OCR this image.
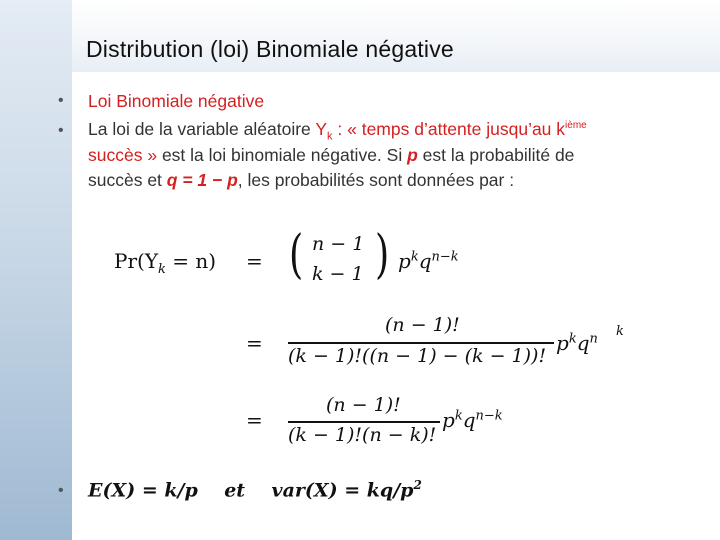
Distribution (loi) Binomiale négative
• Loi Binomiale négative
• La loi de la variable aléatoire $Y_k$ : « temps d’attente jusqu’au $k^{ième}$
succès » est la loi binomiale négative. Si p est la probabilité de
succès et q = 1 − p, les probabilités sont données par :
$Pr(Y_k = n)$ = ( n − 1
k − 1 ) $p^kq^{n-k}$
=
(n − 1)!
(k − 1)!((n − 1) − (k − 1))!
$p^kq^n$ k
=
(n − 1)!
(k − 1)!(n − k)!
$p^kq^{n-k}$
• E(X) = k/p    et    $var(X) = kq/p^2$
